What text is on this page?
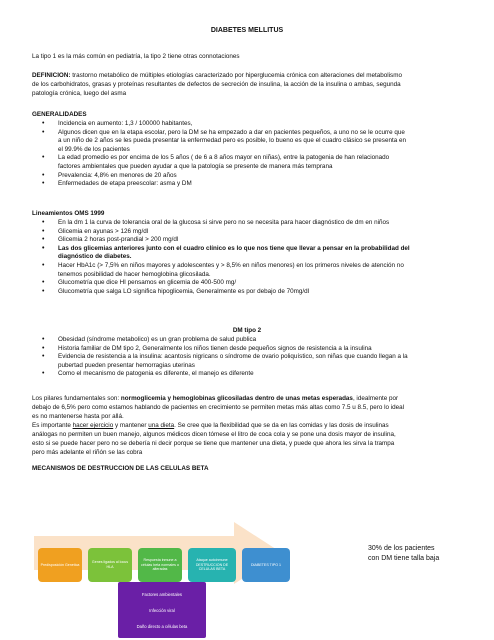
DIABETES MELLITUS
La tipo 1 es la más común en pediatría, la tipo 2 tiene otras connotaciones
DEFINICION: trastorno metabólico de múltiples etiologías caracterizado por hiperglucemia crónica con alteraciones del metabolismo
de los carbohidratos, grasas y proteínas resultantes de defectos de secreción de insulina, la acción de la insulina o ambas, segunda
patología crónica, luego del asma
GENERALIDADES
• Incidencia en aumento: 1,3 / 100000 habitantes,
• Algunos dicen que en la etapa escolar, pero la DM se ha empezado a dar en pacientes pequeños, a uno no se le ocurre que
a un niño de 2 años se les pueda presentar la enfermedad pero es posible, lo bueno es que el cuadro clásico se presenta en
el 99.9% de los pacientes
• La edad promedio es por encima de los 5 años ( de 6 a 8 años mayor en niñas), entre la patogenia de han relacionado
factores ambientales que pueden ayudar a que la patología se presente de manera más temprana
• Prevalencia: 4,8% en menores de 20 años
• Enfermedades de etapa preescolar: asma y DM
Lineamientos OMS 1999
• En la dm 1 la curva de tolerancia oral de la glucosa si sirve pero no se necesita para hacer diagnóstico de dm en niños
• Glicemia en ayunas > 126 mg/dl
• Glicemia 2 horas post-prandial > 200 mg/dl
• Las dos glicemias anteriores junto con el cuadro clínico es lo que nos tiene que llevar a pensar en la probabilidad del
diagnóstico de diabetes.
• Hacer HbA1c (> 7,5% en niños mayores y adolescentes y > 8,5% en niños menores) en los primeros niveles de atención no
tenemos posibilidad de hacer hemoglobina glicosilada.
• Glucometría que dice HI pensamos en glicemia de 400-500 mg/
• Glucometría que salga LO significa hipoglicemia, Generalmente es por debajo de 70mg/dl
DM tipo 2
• Obesidad (síndrome metabolico) es un gran problema de salud publica
• Historia familiar de DM tipo 2, Generalmente los niños tienen desde pequeños signos de resistencia a la insulina
• Evidencia de resistencia a la insulina: acantosis nigricans o síndrome de ovario poliquístico, son niñas que cuando llegan a la
pubertad pueden presentar hemorragias uterinas
• Como el mecanismo de patogenia es diferente, el manejo es diferente
Los pilares fundamentales son: normoglicemia y hemoglobinas glicosiladas dentro de unas metas esperadas, idealmente por
debajo de 6,5% pero como estamos hablando de pacientes en crecimiento se permiten metas más altas como 7.5 u 8.5, pero lo ideal
es no mantenerse hasta por allá.
Es importante hacer ejercicio y mantener una dieta. Se cree que la flexibilidad que se da en las comidas y las dosis de insulinas
análogas no permiten un buen manejo, algunos médicos dicen tómese el litro de coca cola y se pone una dosis mayor de insulina,
esto si se puede hacer pero no se debería ni decir porque se tiene que mantener una dieta, y puede que ahora les sirva la trampa
pero más adelante el riñón se las cobra
MECANISMOS DE DESTRUCCION DE LAS CELULAS BETA
Predisposición Genetica
Genes ligados al locus HLA
Respuesta inmune a células beta normales o alteradas
Ataque autoinmune DESTRUCCION DE CELULAS BETA
DIABETES TIPO 1
Factores ambientales
Infección viral
Daño directo a células beta
30% de los pacientes
con DM tiene talla baja
